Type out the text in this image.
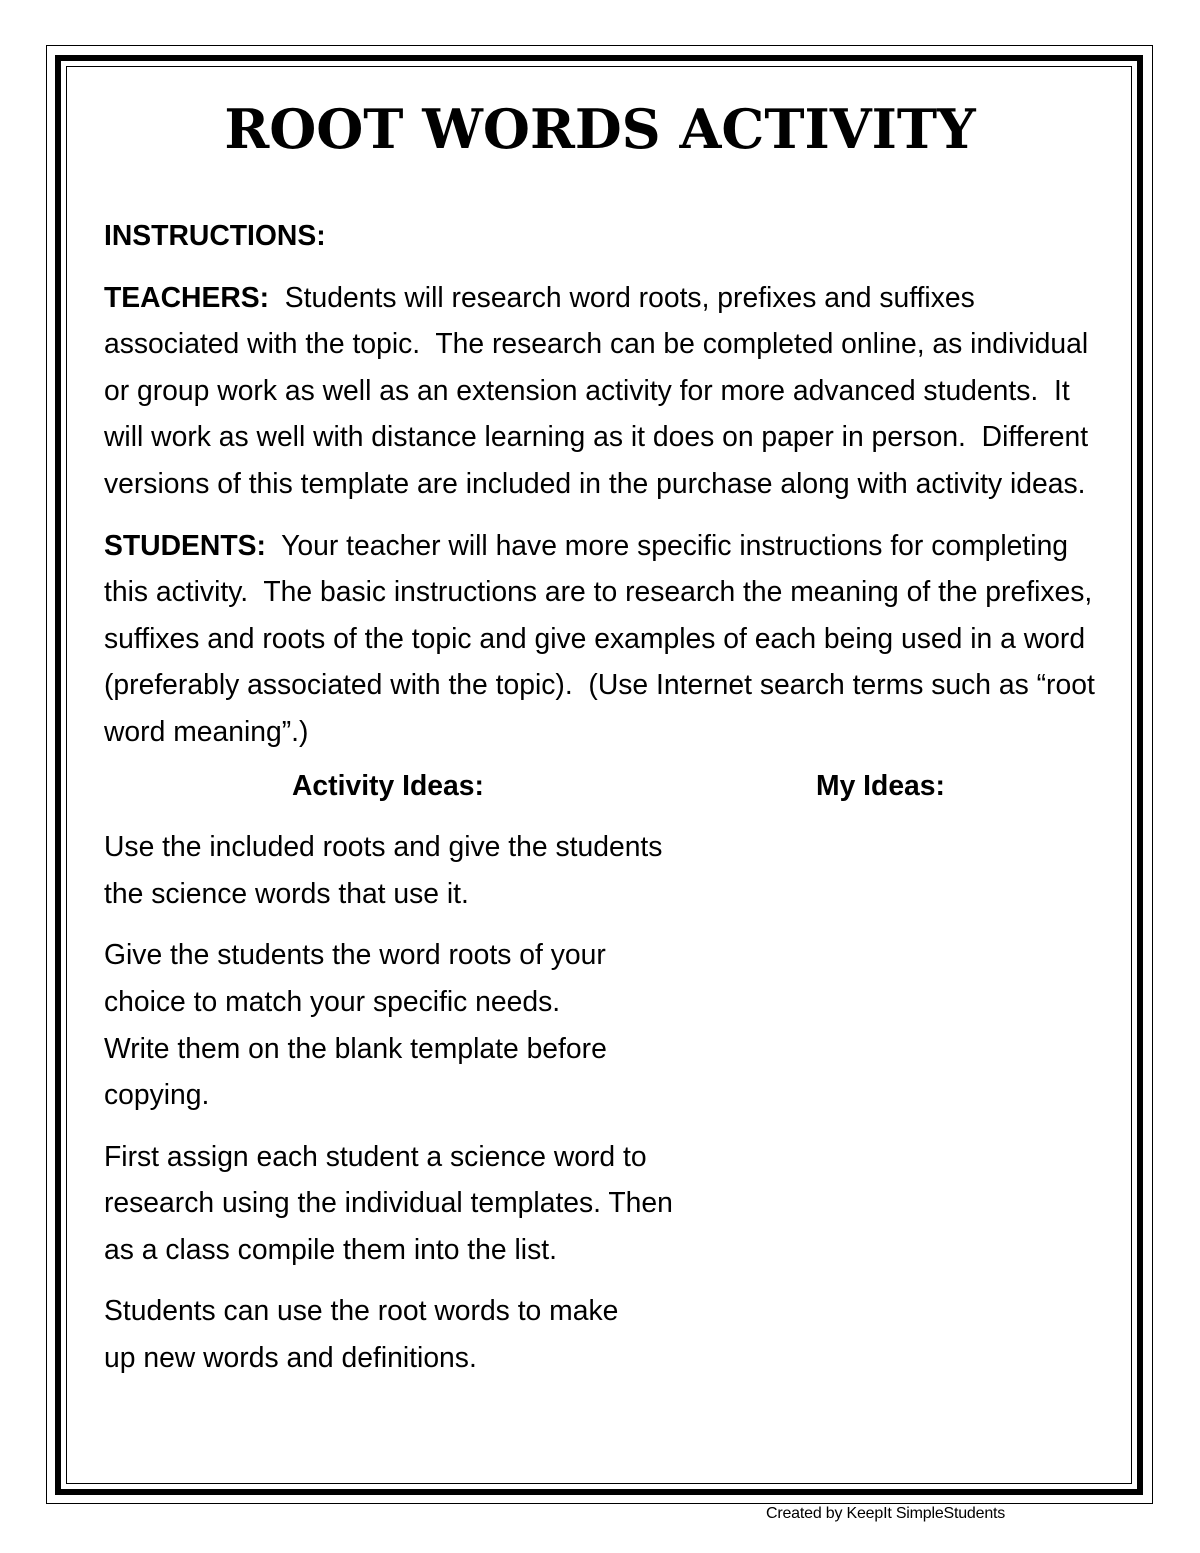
ROOT WORDS ACTIVITY
INSTRUCTIONS:
TEACHERS:  Students will research word roots, prefixes and suffixes associated with the topic.  The research can be completed online, as individual or group work as well as an extension activity for more advanced students.  It will work as well with distance learning as it does on paper in person.  Different versions of this template are included in the purchase along with activity ideas.
STUDENTS:  Your teacher will have more specific instructions for completing this activity.  The basic instructions are to research the meaning of the prefixes, suffixes and roots of the topic and give examples of each being used in a word (preferably associated with the topic).  (Use Internet search terms such as “root word meaning”.)
Activity Ideas:	My Ideas:
Use the included roots and give the students the science words that use it.
Give the students the word roots of your choice to match your specific needs. Write them on the blank template before copying.
First assign each student a science word to research using the individual templates. Then as a class compile them into the list.
Students can use the root words to make up new words and definitions.
Created by KeepIt SimpleStudents
